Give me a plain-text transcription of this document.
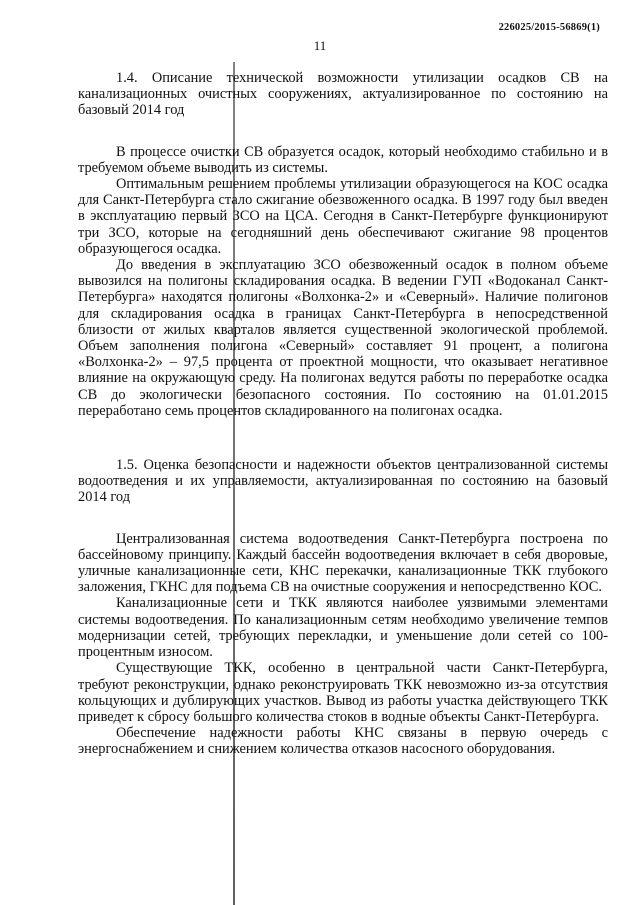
226025/2015-56869(1)
11

1.4. Описание технической возможности утилизации осадков СВ на канализационных очистных сооружениях, актуализированное по состоянию на базовый 2014 год

В процессе очистки СВ образуется осадок, который необходимо стабильно и в требуемом объеме выводить из системы.

Оптимальным решением проблемы утилизации образующегося на КОС осадка для Санкт-Петербурга стало сжигание обезвоженного осадка. В 1997 году был введен в эксплуатацию первый ЗСО на ЦСА. Сегодня в Санкт-Петербурге функционируют три ЗСО, которые на сегодняшний день обеспечивают сжигание 98 процентов образующегося осадка.

До введения в эксплуатацию ЗСО обезвоженный осадок в полном объеме вывозился на полигоны складирования осадка. В ведении ГУП «Водоканал Санкт-Петербурга» находятся полигоны «Волхонка-2» и «Северный». Наличие полигонов для складирования осадка в границах Санкт-Петербурга в непосредственной близости от жилых кварталов является существенной экологической проблемой. Объем заполнения полигона «Северный» составляет 91 процент, а полигона «Волхонка-2» – 97,5 процента от проектной мощности, что оказывает негативное влияние на окружающую среду. На полигонах ведутся работы по переработке осадка СВ до экологически безопасного состояния. По состоянию на 01.01.2015 переработано семь процентов складированного на полигонах осадка.

1.5. Оценка безопасности и надежности объектов централизованной системы водоотведения и их управляемости, актуализированная по состоянию на базовый 2014 год

Централизованная система водоотведения Санкт-Петербурга построена по бассейновому принципу. Каждый бассейн водоотведения включает в себя дворовые, уличные канализационные сети, КНС перекачки, канализационные ТКК глубокого заложения, ГКНС для подъема СВ на очистные сооружения и непосредственно КОС.

Канализационные сети и ТКК являются наиболее уязвимыми элементами системы водоотведения. По канализационным сетям необходимо увеличение темпов модернизации сетей, требующих перекладки, и уменьшение доли сетей со 100-процентным износом.

Существующие ТКК, особенно в центральной части Санкт-Петербурга, требуют реконструкции, однако реконструировать ТКК невозможно из-за отсутствия кольцующих и дублирующих участков. Вывод из работы участка действующего ТКК приведет к сбросу большого количества стоков в водные объекты Санкт-Петербурга.

Обеспечение надежности работы КНС связаны в первую очередь с энергоснабжением и снижением количества отказов насосного оборудования.
